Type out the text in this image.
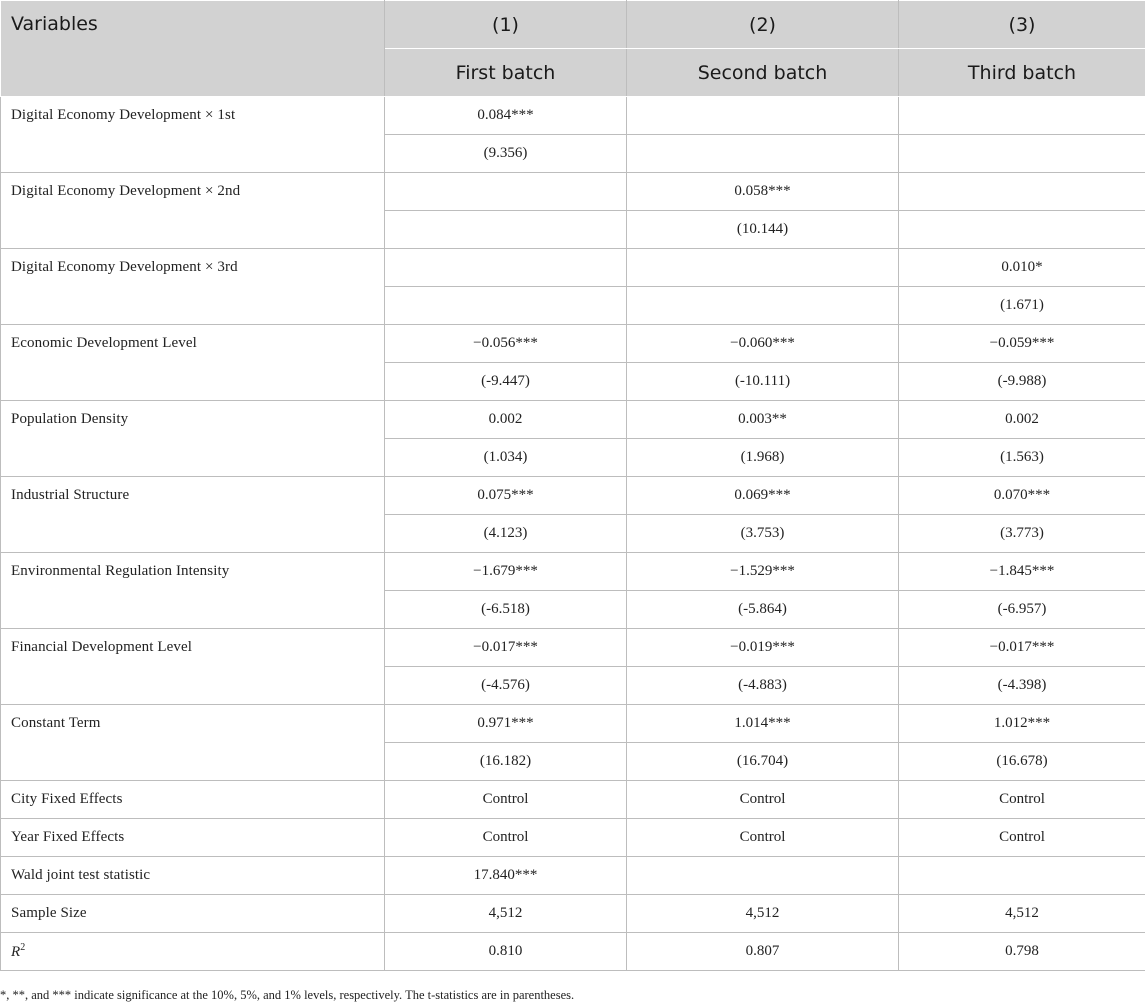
Variables	(1)	(2)	(3)
	First batch	Second batch	Third batch
Digital Economy Development × 1st	0.084***		
	(9.356)		
Digital Economy Development × 2nd		0.058***	
		(10.144)	
Digital Economy Development × 3rd			0.010*
			(1.671)
Economic Development Level	−0.056***	−0.060***	−0.059***
	(-9.447)	(-10.111)	(-9.988)
Population Density	0.002	0.003**	0.002
	(1.034)	(1.968)	(1.563)
Industrial Structure	0.075***	0.069***	0.070***
	(4.123)	(3.753)	(3.773)
Environmental Regulation Intensity	−1.679***	−1.529***	−1.845***
	(-6.518)	(-5.864)	(-6.957)
Financial Development Level	−0.017***	−0.019***	−0.017***
	(-4.576)	(-4.883)	(-4.398)
Constant Term	0.971***	1.014***	1.012***
	(16.182)	(16.704)	(16.678)
City Fixed Effects	Control	Control	Control
Year Fixed Effects	Control	Control	Control
Wald joint test statistic	17.840***		
Sample Size	4,512	4,512	4,512
$R^2$	0.810	0.807	0.798
*, **, and *** indicate significance at the 10%, 5%, and 1% levels, respectively. The t-statistics are in parentheses.
